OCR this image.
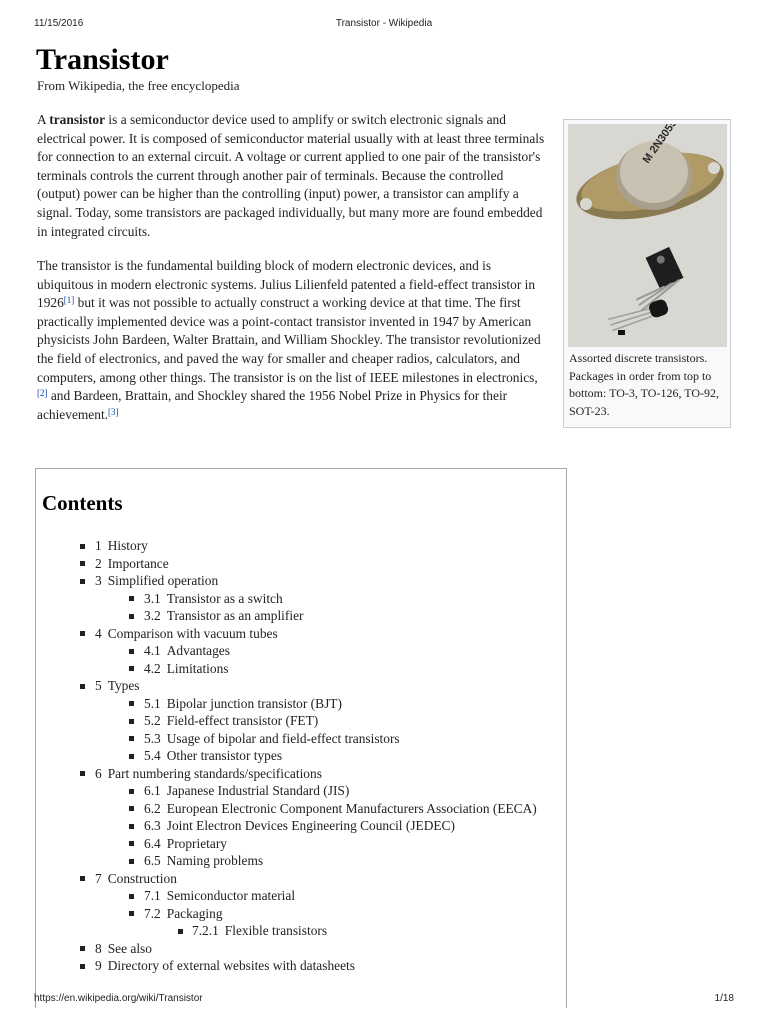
11/15/2016	Transistor - Wikipedia
Transistor
From Wikipedia, the free encyclopedia

A transistor is a semiconductor device used to amplify or switch electronic signals and electrical power. It is composed of semiconductor material usually with at least three terminals for connection to an external circuit. A voltage or current applied to one pair of the transistor's terminals controls the current through another pair of terminals. Because the controlled (output) power can be higher than the controlling (input) power, a transistor can amplify a signal. Today, some transistors are packaged individually, but many more are found embedded in integrated circuits.

The transistor is the fundamental building block of modern electronic devices, and is ubiquitous in modern electronic systems. Julius Lilienfeld patented a field-effect transistor in 1926[1] but it was not possible to actually construct a working device at that time. The first practically implemented device was a point-contact transistor invented in 1947 by American physicists John Bardeen, Walter Brattain, and William Shockley. The transistor revolutionized the field of electronics, and paved the way for smaller and cheaper radios, calculators, and computers, among other things. The transistor is on the list of IEEE milestones in electronics,[2] and Bardeen, Brattain, and Shockley shared the 1956 Nobel Prize in Physics for their achievement.[3]

M 2N3055
Assorted discrete transistors. Packages in order from top to bottom: TO-3, TO-126, TO-92, SOT-23.
Contents
1 History
2 Importance
3 Simplified operation
3.1 Transistor as a switch
3.2 Transistor as an amplifier
4 Comparison with vacuum tubes
4.1 Advantages
4.2 Limitations
5 Types
5.1 Bipolar junction transistor (BJT)
5.2 Field-effect transistor (FET)
5.3 Usage of bipolar and field-effect transistors
5.4 Other transistor types
6 Part numbering standards/specifications
6.1 Japanese Industrial Standard (JIS)
6.2 European Electronic Component Manufacturers Association (EECA)
6.3 Joint Electron Devices Engineering Council (JEDEC)
6.4 Proprietary
6.5 Naming problems
7 Construction
7.1 Semiconductor material
7.2 Packaging
7.2.1 Flexible transistors
8 See also
9 Directory of external websites with datasheets
https://en.wikipedia.org/wiki/Transistor	1/18
